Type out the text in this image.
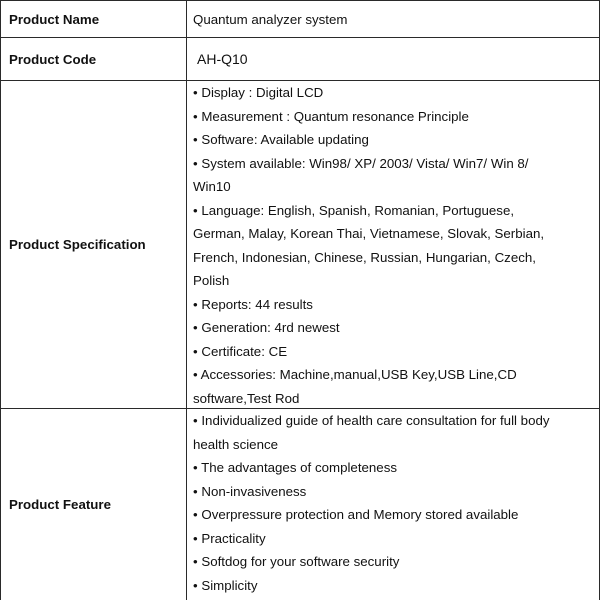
Product Name	Quantum analyzer system
Product Code	AH-Q10
Product Specification
• Display : Digital LCD
• Measurement : Quantum resonance Principle
• Software: Available updating
• System available: Win98/ XP/ 2003/ Vista/ Win7/ Win 8/
Win10
• Language: English, Spanish, Romanian, Portuguese,
German, Malay, Korean Thai, Vietnamese, Slovak, Serbian,
French, Indonesian, Chinese, Russian, Hungarian, Czech,
Polish
• Reports: 44 results
• Generation: 4rd newest
• Certificate: CE
• Accessories: Machine,manual,USB Key,USB Line,CD
software,Test Rod
Product Feature
• Individualized guide of health care consultation for full body
health science
• The advantages of completeness
• Non-invasiveness
• Overpressure protection and Memory stored available
• Practicality
• Softdog for your software security
• Simplicity
